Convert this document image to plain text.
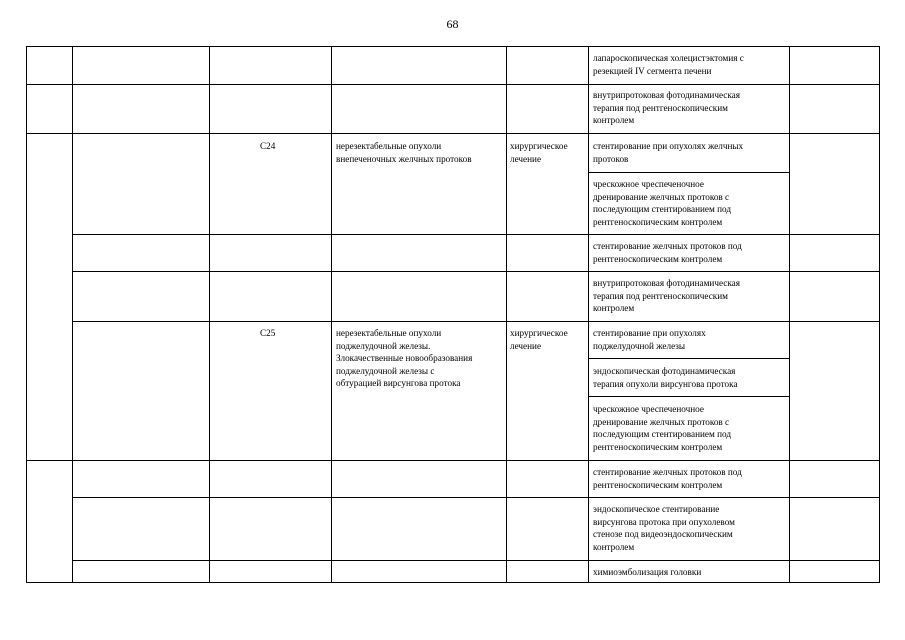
68
лапароскопическая холецистэктомия с
резекцией IV сегмента печени
внутрипротоковая фотодинамическая
терапия под рентгеноскопическим
контролем
C24	нерезектабельные опухоли
внепеченочных желчных протоков
хирургическое
лечение
стентирование при опухолях желчных
протоков
чрескожное чреспеченочное
дренирование желчных протоков с
последующим стентированием под
рентгеноскопическим контролем
стентирование желчных протоков под
рентгеноскопическим контролем
внутрипротоковая фотодинамическая
терапия под рентгеноскопическим
контролем
C25	нерезектабельные опухоли
поджелудочной железы.
Злокачественные новообразования
поджелудочной железы с
обтурацией вирсунгова протока
хирургическое
лечение
стентирование при опухолях
поджелудочной железы
эндоскопическая фотодинамическая
терапия опухоли вирсунгова протока
чрескожное чреспеченочное
дренирование желчных протоков с
последующим стентированием под
рентгеноскопическим контролем
стентирование желчных протоков под
рентгеноскопическим контролем
эндоскопическое стентирование
вирсунгова протока при опухолевом
стенозе под видеоэндоскопическим
контролем
химиоэмболизация головки
